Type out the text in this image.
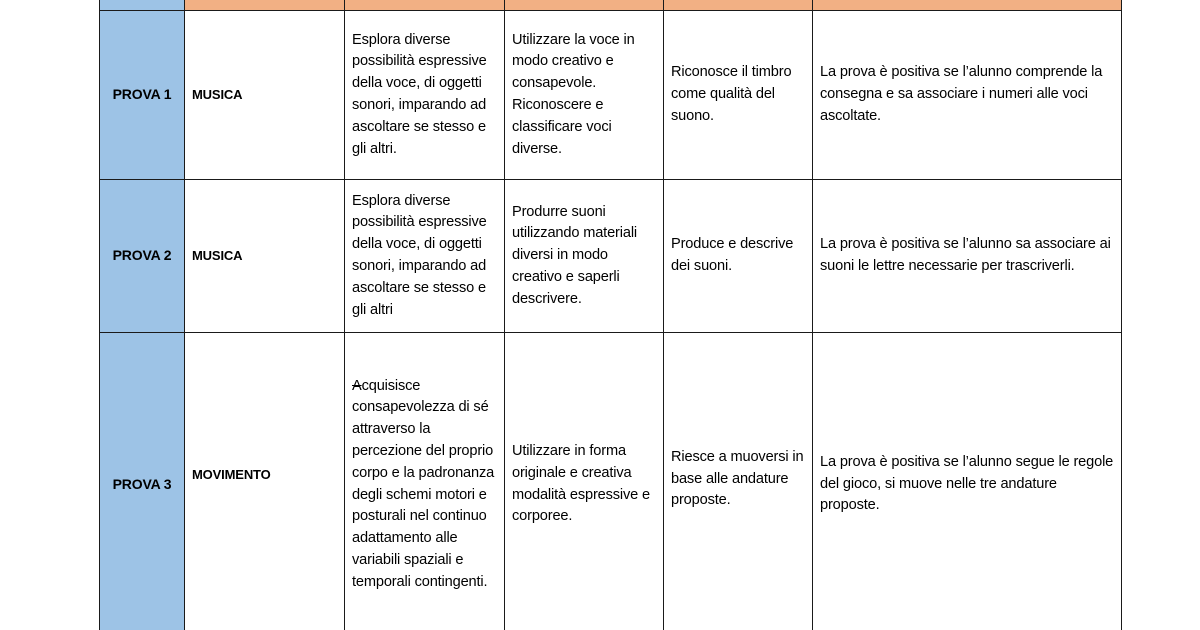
PROVA 1	MUSICA	Esplora diverse possibilità espressive della voce, di oggetti sonori, imparando ad ascoltare se stesso e gli altri.	Utilizzare la voce in modo creativo e consapevole. Riconoscere e classificare voci diverse.	Riconosce il timbro come qualità del suono.	La prova è positiva se l’alunno comprende la consegna e sa associare i numeri alle voci ascoltate.
PROVA 2	MUSICA	Esplora diverse possibilità espressive della voce, di oggetti sonori, imparando ad ascoltare se stesso e gli altri	Produrre suoni utilizzando materiali diversi in modo creativo e saperli descrivere.	Produce e descrive dei suoni.	La prova è positiva se l’alunno sa associare ai suoni le lettre necessarie per trascriverli.
PROVA 3	MOVIMENTO	Acquisisce consapevolezza di sé attraverso la percezione del proprio corpo e la padronanza degli schemi motori e posturali nel continuo adattamento alle variabili spaziali e temporali contingenti.	Utilizzare in forma originale e creativa modalità espressive e corporee.	Riesce a muoversi in base alle andature proposte.	La prova è positiva se l’alunno segue le regole del gioco, si muove nelle tre andature proposte.
